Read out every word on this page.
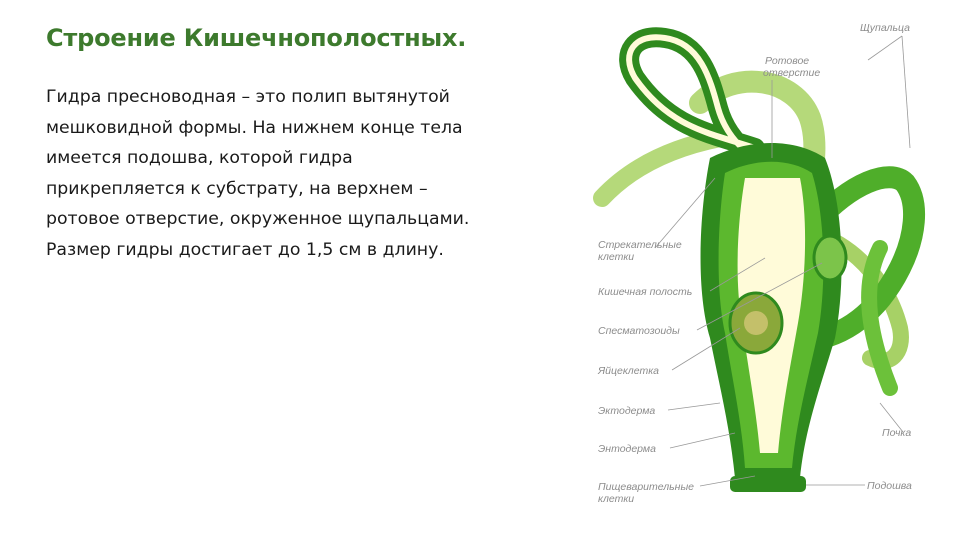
Строение Кишечнополостных.

Гидра пресноводная – это полип вытянутой
мешковидной формы. На нижнем конце тела
имеется подошва, которой гидра
прикрепляется к субстрату, на верхнем –
ротовое отверстие, окруженное щупальцами.
Размер гидры достигает до 1,5 см в длину.

Щупальца
Ротовое
отверстие
Стрекательные
клетки
Кишечная полость
Спесматозоиды
Яйцеклетка
Эктодерма
Энтодерма
Пищеварительные
клетки
Почка
Подошва
